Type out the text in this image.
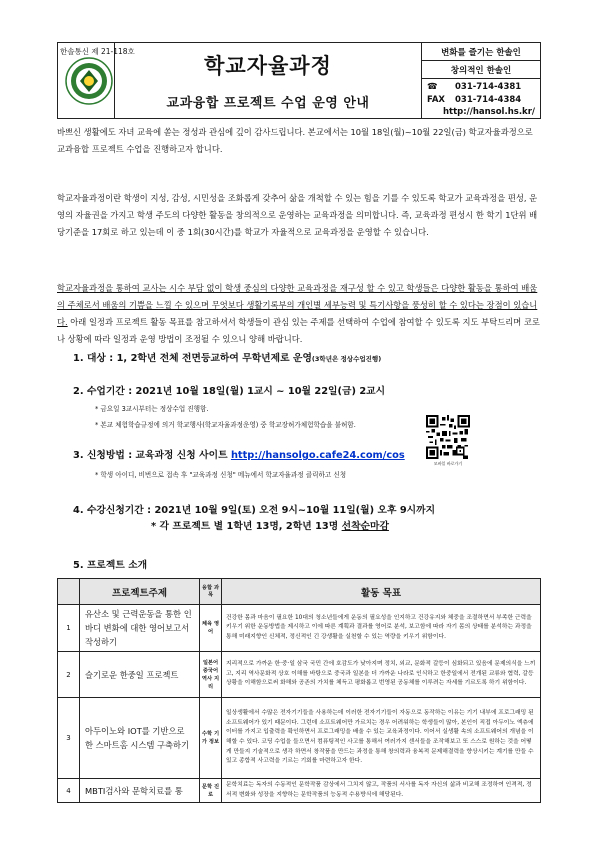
한솔통신 제 21-118호
학교자율과정
교과융합 프로젝트 수업 운영 안내
변화를 즐기는 한솔인
창의적인 한솔인
☎	031-714-4381
FAX	031-714-4384
http://hansol.hs.kr/
바쁘신 생활에도 자녀 교육에 쏟는 정성과 관심에 깊이 감사드립니다. 본교에서는 10월 18일(월)~10월 22일(금) 학교자율과정으로 교과융합 프로젝트 수업을 진행하고자 합니다.
학교자율과정이란 학생이 지성, 감성, 시민성을 조화롭게 갖추어 삶을 개척할 수 있는 힘을 기를 수 있도록 학교가 교육과정을 편성, 운영의 자율권을 가지고 학생 주도의 다양한 활동을 창의적으로 운영하는 교육과정을 의미합니다. 즉, 교육과정 편성시 한 학기 1단위 배당기준을 17회로 하고 있는데 이 중 1회(30시간)를 학교가 자율적으로 교육과정을 운영할 수 있습니다.
학교자율과정을 통하여 교사는 시수 부담 없이 학생 중심의 다양한 교육과정을 재구성 할 수 있고 학생들은 다양한 활동을 통하여 배움의 주체로서 배움의 기쁨을 느낄 수 있으며 무엇보다 생활기록부의 개인별 세부능력 및 특기사항을 풍성히 할 수 있다는 장점이 있습니다. 아래 일정과 프로젝트 활동 목표를 참고하셔서 학생들이 관심 있는 주제를 선택하여 수업에 참여할 수 있도록 지도 부탁드리며 코로나 상황에 따라 일정과 운영 방법이 조정될 수 있으니 양해 바랍니다.
1. 대상 : 1, 2학년 전체 전면등교하여 무학년제로 운영(3학년은 정상수업진행)
2. 수업기간 : 2021년 10월 18일(월) 1교시 ~ 10월 22일(금) 2교시
* 금요일 3교시부터는 정상수업 진행함.
* 본교 체험학습규정에 의거 학교행사(학교자율과정운영) 중 학교장허가체험학습을 불허함.
3. 신청방법 : 교육과정 신청 사이트 http://hansolgo.cafe24.com/cos
* 학생 아이디, 비번으로 접속 후 "교육과정 신청" 메뉴에서 학교자율과정 클릭하고 신청
모바일 바로가기
4. 수강신청기간 : 2021년 10월 9일(토) 오전 9시~10월 11일(월) 오후 9시까지
* 각 프로젝트 별 1학년 13명, 2학년 13명 선착순마감
5. 프로젝트 소개
	프로젝트주제	융합 과목	활동 목표
1	유산소 및 근력운동을 통한 인바디 변화에 대한 영어보고서 작성하기	체육 영어	건강한 몸과 마음이 필요한 10대의 청소년들에게 운동의 필요성을 인지하고 건강유지와 체중을 조절하면서 부족한 근력을 키우기 위한 운동방법을 제시하고 이에 따른 계획과 결과를 영어로 분석, 보고함에 따라 자기 몸의 상태를 분석하는 과정을 통해 미래지향인 신체적, 정신적인 긴 강생활을 실천할 수 있는 역량을 키우기 위함이다.
2	슬기로운 한중일 프로젝트	일본어 중국어 역사 지리	지리적으로 가까운 한·중·일 삼국 국민 간에 호감도가 낮아지며 정치, 외교, 문화적 갈등이 심화되고 있음에 문제의식을 느끼고, 지리 역사문화적 상호 이해를 바탕으로 중국과 일본을 더 가까운 나라로 인식하고 한중일에서 전개된 교류와 협력, 갈등상황을 이해함으로써 화해와 공존의 가치를 체득고 평화롭고 번영된 공동체를 이루려는 자세를 기르도록 하기 위함이다.
3	아두이노와 IOT를 기반으로 한 스마트홈 시스템 구축하기	수학 기가 정보	일상생활에서 수많은 전자기기들을 사용하는데 이러한 전자기기들이 자동으로 동작하는 이유는 기기 내부에 프로그래밍 된 소프트웨어가 있기 때문이다. 그런데 소프트웨어만 가르치는 경우 어려워하는 학생들이 많아, 본인이 직접 아두이노 엑츄에이터를 가지고 입출력을 확인하면서 프로그래밍을 배울 수 있는 교육과정이다. 이어서 실생활 속의 소프트웨어의 개념을 이해할 수 있다. 코딩 수업을 들으면서 컴퓨팅적인 사고를 통해서 여러가지 센서들을 조작해보고 또 스스로 원하는 것을 어떻게 만들지 기술적으로 생각 하면서 창작품을 만드는 과정을 통해 창의력과 융복적 문제해결력을 향상시키는 계기를 만들 수 있고 종합적 사고력을 기르는 기회를 마련하고자 한다.
4	MBTI검사와 문학치료를 통	문학 진로	문학치료는 독자의 수동적인 문학작품 감상에서 그치지 않고, 작품의 서사를 독자 자신의 삶과 비교해 조정하여 인격적, 정서적 변화와 성장을 지향하는 문학작품의 능동적 수용방식에 해당된다.
